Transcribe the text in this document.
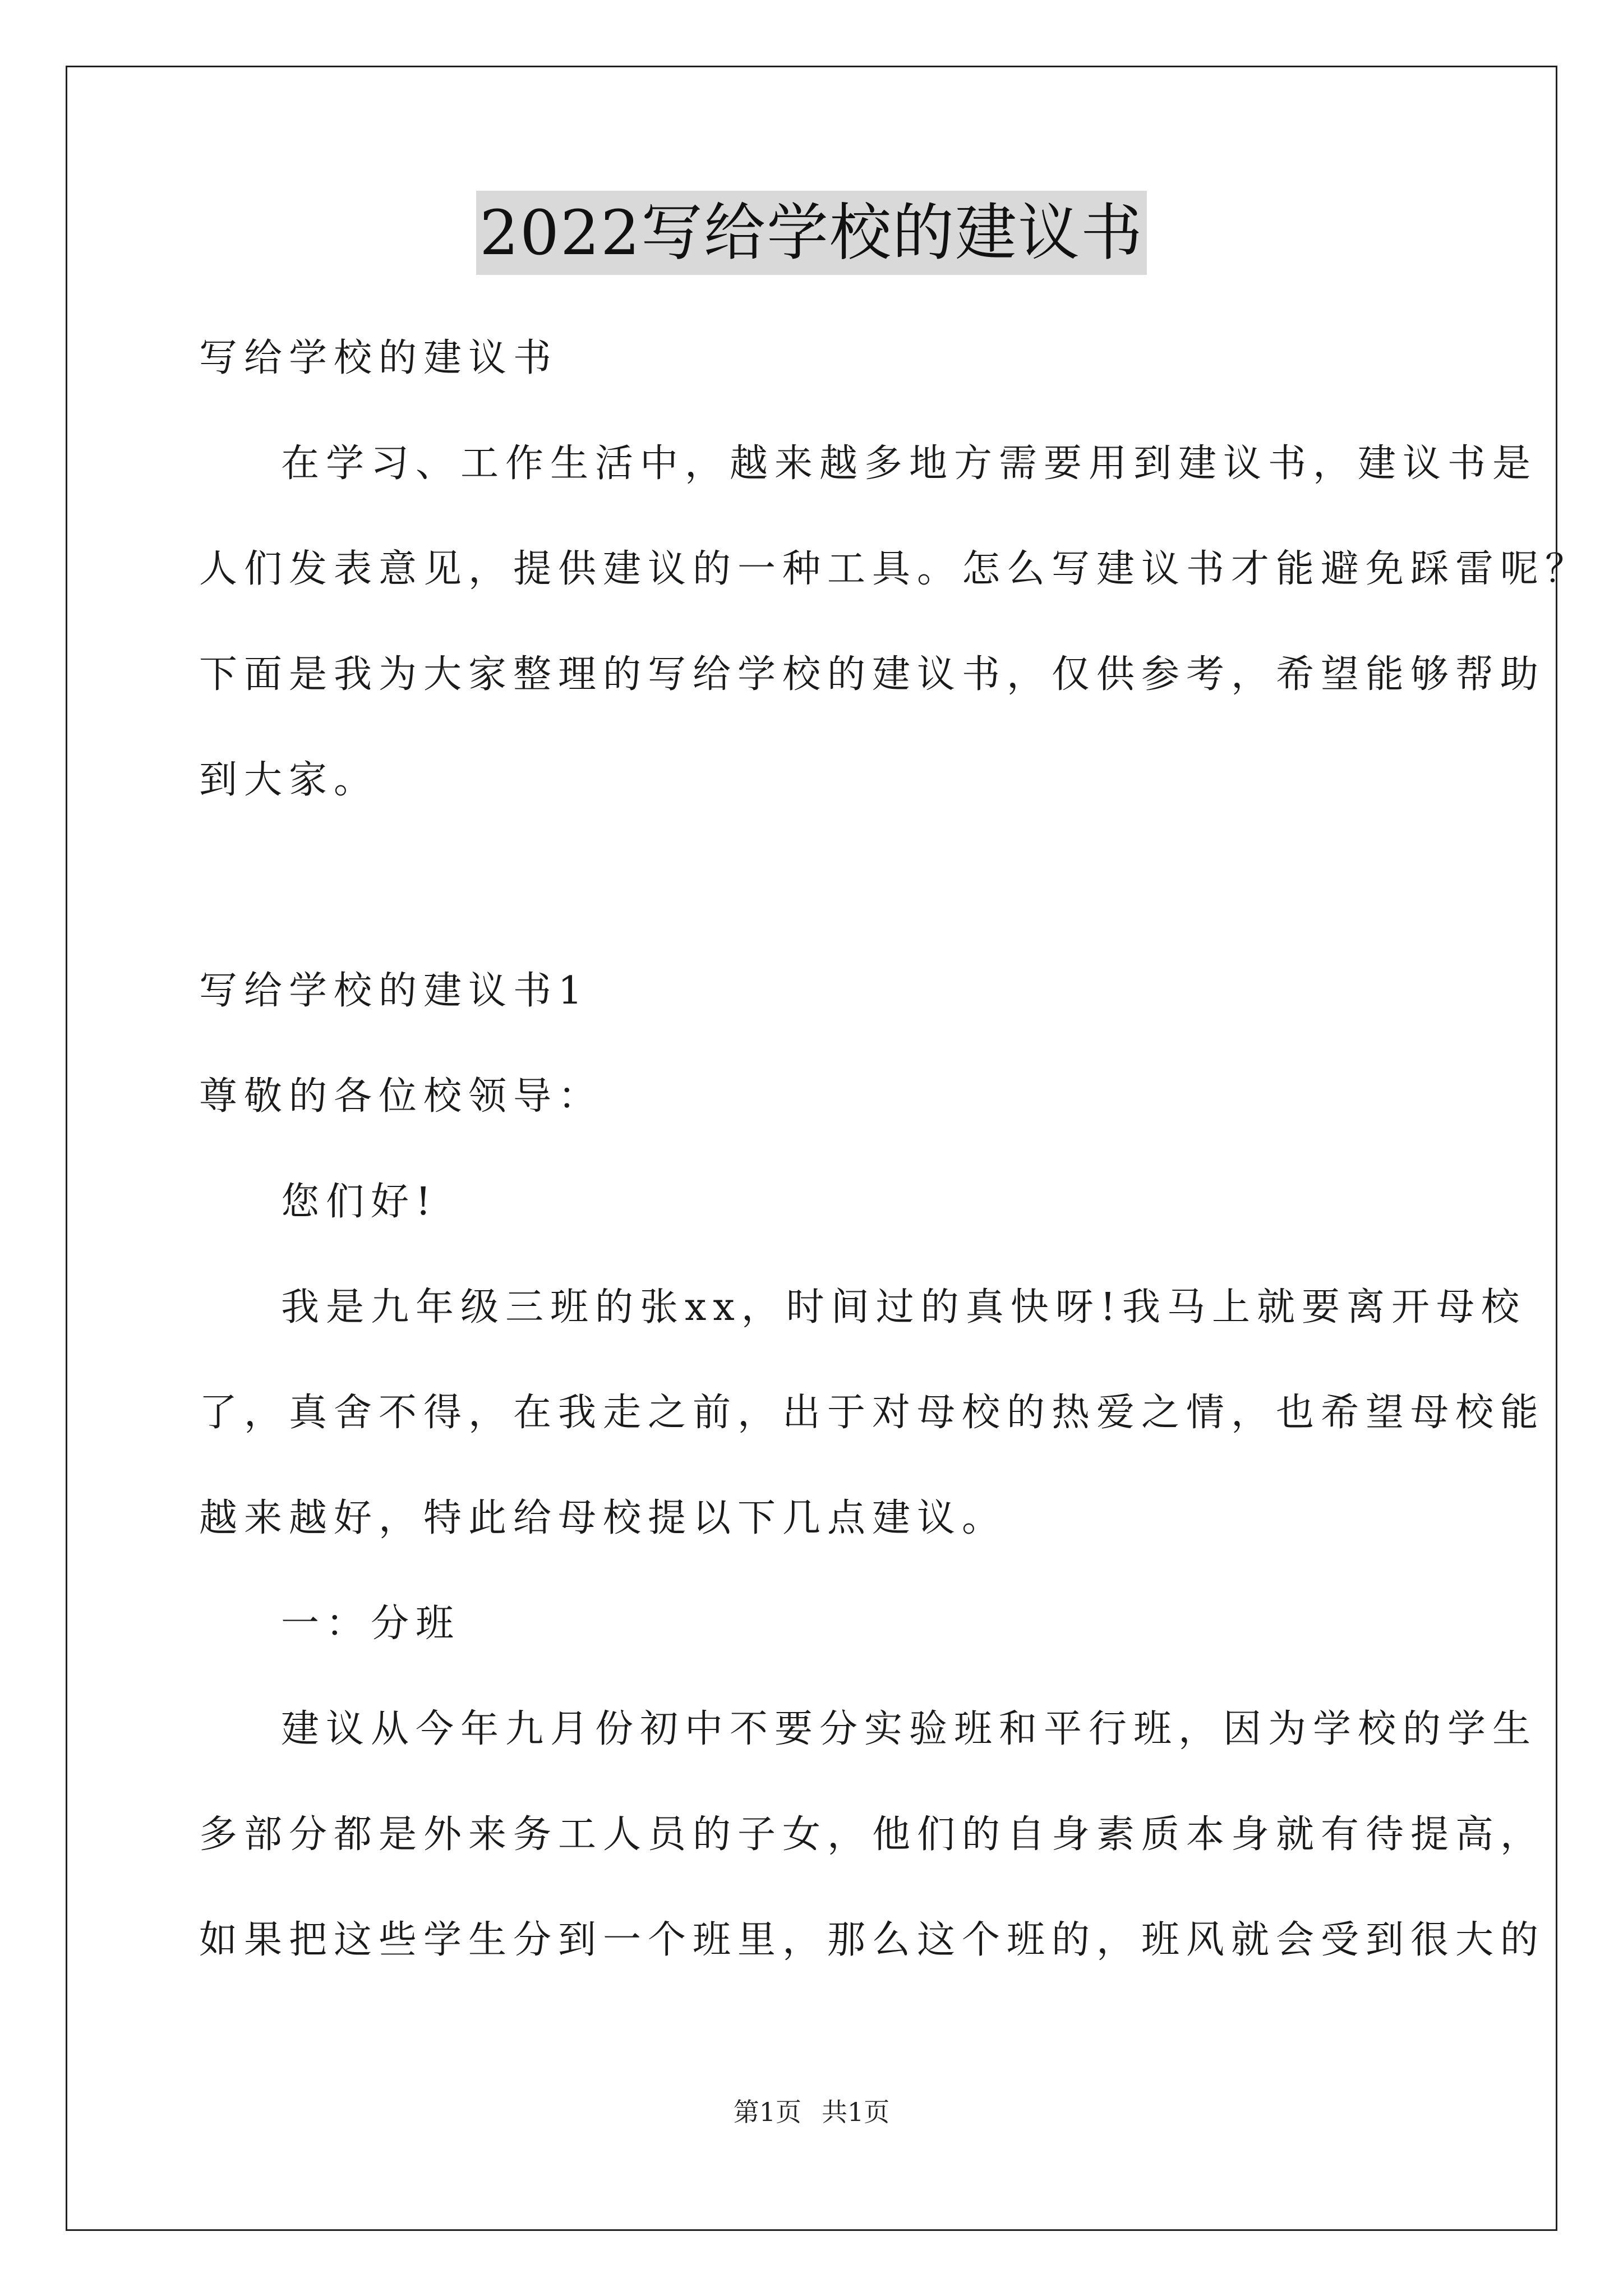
2022写给学校的建议书
写给学校的建议书
在学习、工作生活中，越来越多地方需要用到建议书，建议书是
人们发表意见，提供建议的一种工具。怎么写建议书才能避免踩雷呢？
下面是我为大家整理的写给学校的建议书，仅供参考，希望能够帮助
到大家。
写给学校的建议书1
尊敬的各位校领导：
您们好!
我是九年级三班的张xx，时间过的真快呀!我马上就要离开母校
了，真舍不得，在我走之前，出于对母校的热爱之情，也希望母校能
越来越好，特此给母校提以下几点建议。
一：分班
建议从今年九月份初中不要分实验班和平行班，因为学校的学生
多部分都是外来务工人员的子女，他们的自身素质本身就有待提高，
如果把这些学生分到一个班里，那么这个班的，班风就会受到很大的
第1页 共1页
